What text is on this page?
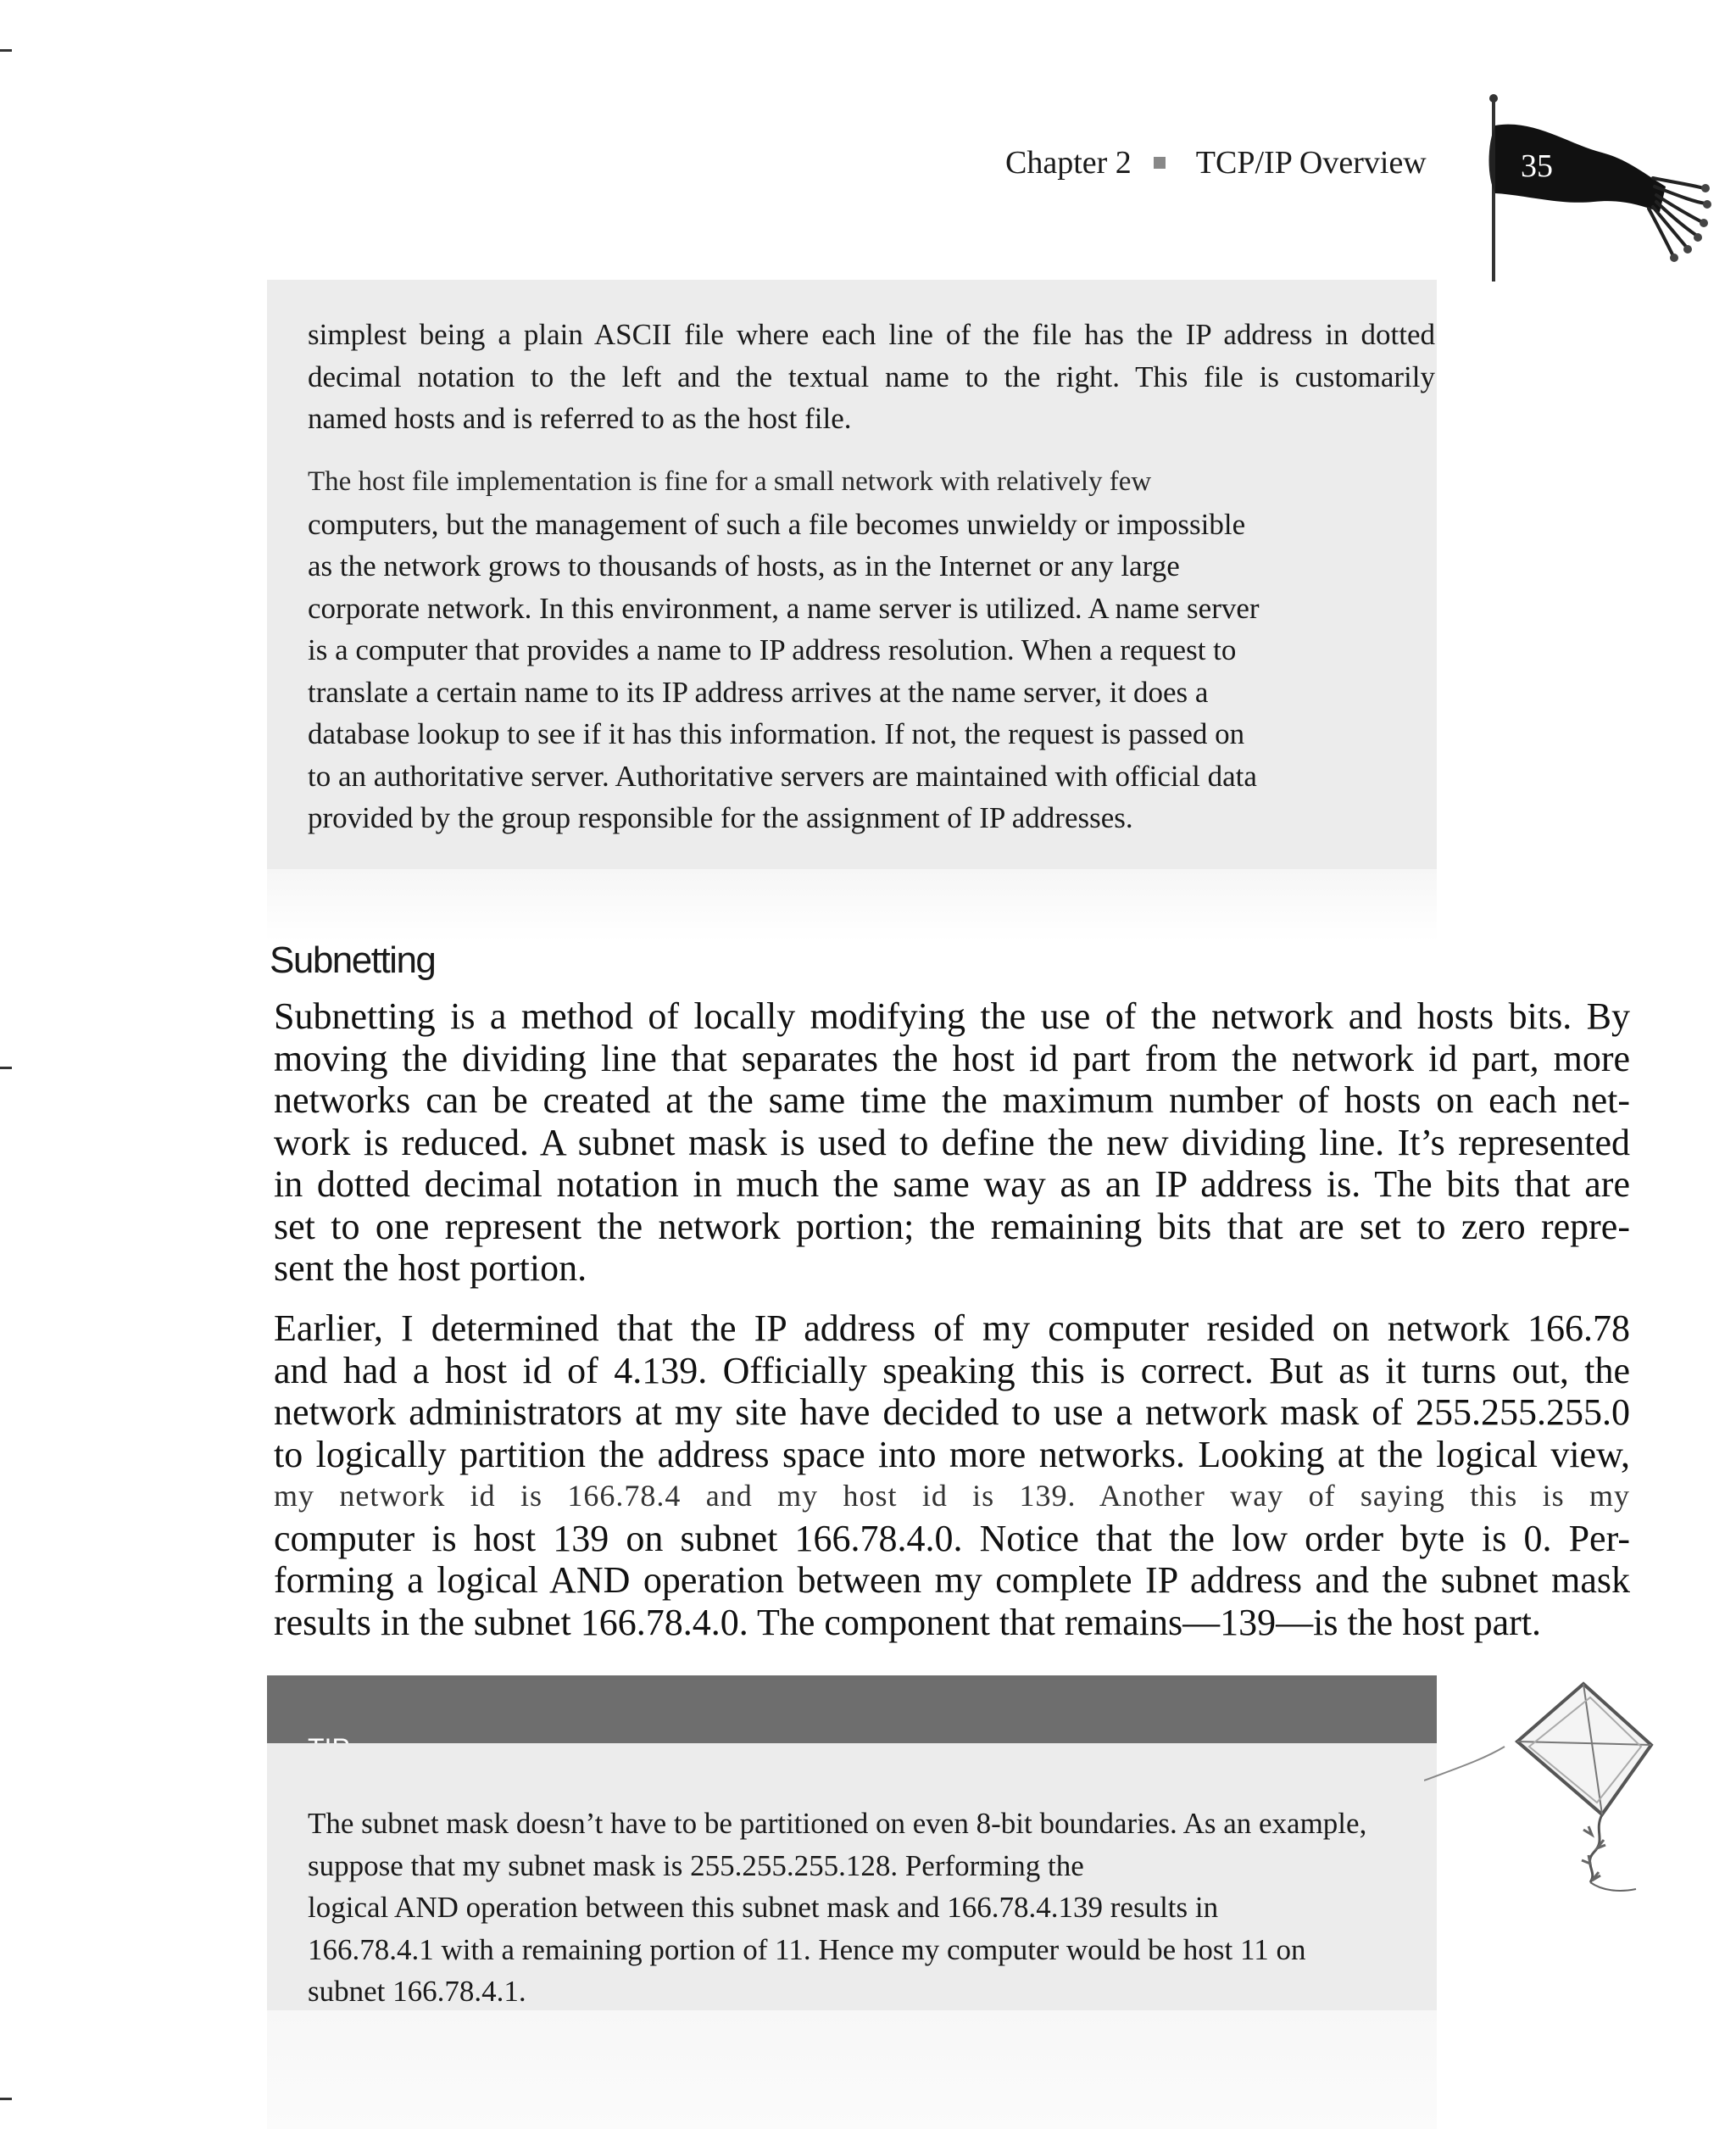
Chapter 2 TCP/IP Overview	35

simplest being a plain ASCII file where each line of the file has the IP address in dotted decimal notation to the left and the textual name to the right. This file is customarily

named hosts and is referred to as the host file.

The host file implementation is fine for a small network with relatively few
computers, but the management of such a file becomes unwieldy or impossible
as the network grows to thousands of hosts, as in the Internet or any large
corporate network. In this environment, a name server is utilized. A name server
is a computer that provides a name to IP address resolution. When a request to
translate a certain name to its IP address arrives at the name server, it does a
database lookup to see if it has this information. If not, the request is passed on
to an authoritative server. Authoritative servers are maintained with official data
provided by the group responsible for the assignment of IP addresses.

Subnetting

Subnetting is a method of locally modifying the use of the network and hosts bits. By
moving the dividing line that separates the host id part from the network id part, more
networks can be created at the same time the maximum number of hosts on each net-
work is reduced. A subnet mask is used to define the new dividing line. It’s represented
in dotted decimal notation in much the same way as an IP address is. The bits that are
set to one represent the network portion; the remaining bits that are set to zero repre-
sent the host portion.

Earlier, I determined that the IP address of my computer resided on network 166.78
and had a host id of 4.139. Officially speaking this is correct. But as it turns out, the
network administrators at my site have decided to use a network mask of 255.255.255.0
to logically partition the address space into more networks. Looking at the logical view,
my network id is 166.78.4 and my host id is 139. Another way of saying this is my
computer is host 139 on subnet 166.78.4.0. Notice that the low order byte is 0. Per-
forming a logical AND operation between my complete IP address and the subnet mask
results in the subnet 166.78.4.0. The component that remains—139—is the host part.

The subnet mask doesn’t have to be partitioned on even 8-bit boundaries. As an example,
suppose that my subnet mask is 255.255.255.128. Performing the
logical AND operation between this subnet mask and 166.78.4.139 results in
166.78.4.1 with a remaining portion of 11. Hence my computer would be host 11 on
subnet 166.78.4.1.
